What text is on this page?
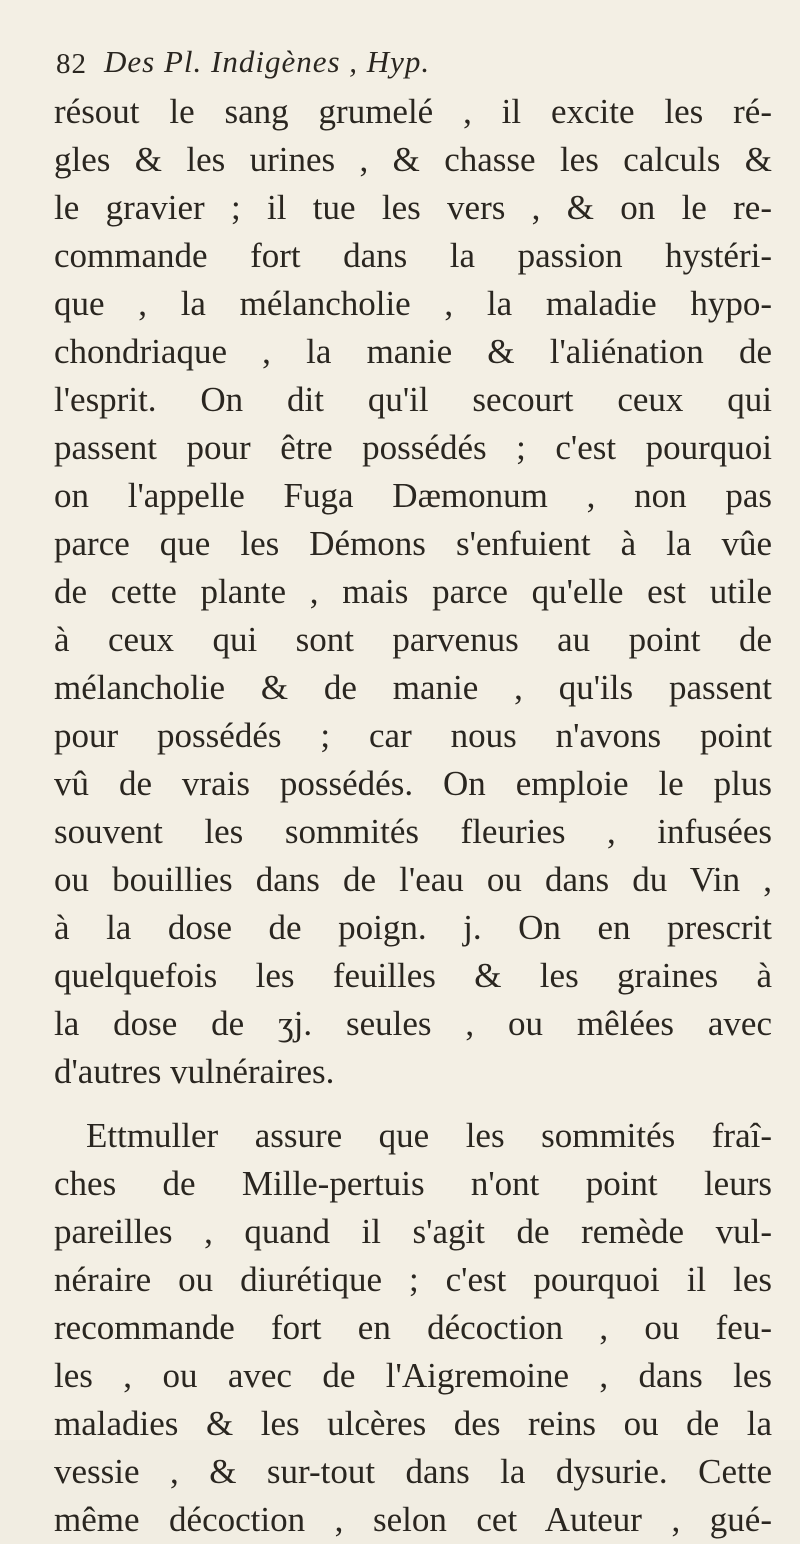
82 Des Pl. Indigènes , Hyp.
résout le sang grumelé , il excite les ré-
gles & les urines , & chasse les calculs &
le gravier ; il tue les vers , & on le re-
commande fort dans la passion hystéri-
que , la mélancholie , la maladie hypo-
chondriaque , la manie & l'aliénation de
l'esprit. On dit qu'il secourt ceux qui
passent pour être possédés ; c'est pourquoi
on l'appelle Fuga Dæmonum , non pas
parce que les Démons s'enfuient à la vûe
de cette plante , mais parce qu'elle est utile
à ceux qui sont parvenus au point de
mélancholie & de manie , qu'ils passent
pour possédés ; car nous n'avons point
vû de vrais possédés. On emploie le plus
souvent les sommités fleuries , infusées
ou bouillies dans de l'eau ou dans du Vin ,
à la dose de poign. j. On en prescrit
quelquefois les feuilles & les graines à
la dose de ʒj. seules , ou mêlées avec
d'autres vulnéraires.
Ettmuller assure que les sommités fraî-
ches de Mille-pertuis n'ont point leurs
pareilles , quand il s'agit de remède vul-
néraire ou diurétique ; c'est pourquoi il les
recommande fort en décoction , ou feu-
les , ou avec de l'Aigremoine , dans les
maladies & les ulcères des reins ou de la
vessie , & sur-tout dans la dysurie. Cette
même décoction , selon cet Auteur , gué-
